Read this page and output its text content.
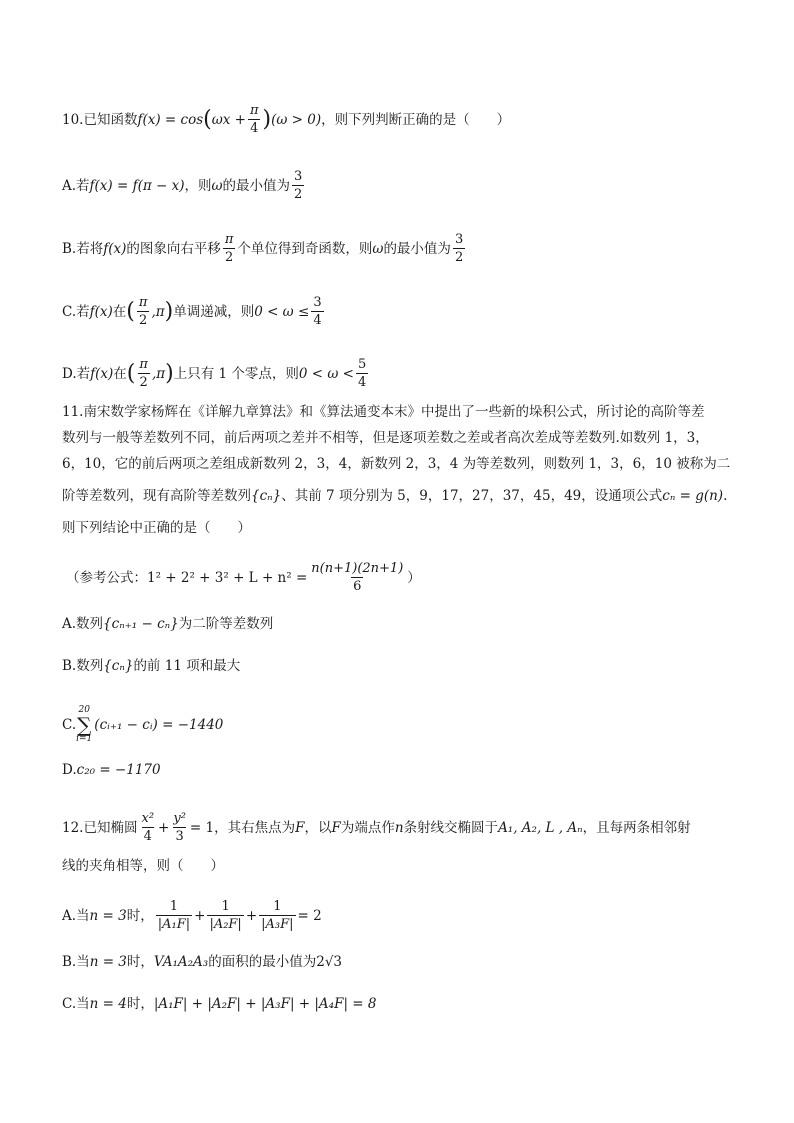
10.已知函数 f(x) = cos ( $\omega x + \frac{\pi}{4}$ ) (ω > 0) ，则下列判断正确的是（　　）
A.若 f(x) = f(π − x) ，则 ω 的最小值为 $\frac{3}{2}$
B.若将 f(x) 的图象向右平移 $\frac{\pi}{2}$ 个单位得到奇函数，则 ω 的最小值为 $\frac{3}{2}$
C.若 f(x) 在 ( $\frac{\pi}{2} ,\pi$ ) 单调递减，则 $0 < \omega \le \frac{3}{4}$
D.若 f(x) 在 ( $\frac{\pi}{2} ,\pi$ ) 上只有 1 个零点，则 $0 < \omega < \frac{5}{4}$
11.南宋数学家杨辉在《详解九章算法》和《算法通变本末》中提出了一些新的垛积公式，所讨论的高阶等差
数列与一般等差数列不同，前后两项之差并不相等，但是逐项差数之差或者高次差成等差数列.如数列 1，3，
6，10，它的前后两项之差组成新数列 2，3，4，新数列 2，3，4 为等差数列，则数列 1，3，6，10 被称为二
阶等差数列，现有高阶等差数列 {cₙ} 、其前 7 项分别为 5，9，17，27，37，45，49，设通项公式 cₙ = g(n) .
则下列结论中正确的是（　　）
（参考公式： $1^2 + 2^2 + 3^2 + L + n^2 = \frac{n(n+1)(2n+1)}{6}$ ）
A.数列 {cₙ₊₁ − cₙ} 为二阶等差数列
B.数列 {cₙ} 的前 11 项和最大
C.
20
∑
i=1
(cᵢ₊₁ − cᵢ) = −1440
D. c₂₀ = −1170
12.已知椭圆 $\frac{\text{x²}}{4} + \frac{\text{y²}}{3} = 1$ ，其右焦点为 F ，以 F 为端点作 n 条射线交椭圆于 A₁, A₂, L , Aₙ ，且每两条相邻射
线的夹角相等，则（　　）
A.当 n = 3 时， $\frac{1}{\text{|A₁F|}} + \frac{1}{\text{|A₂F|}} + \frac{1}{\text{|A₃F|}} = 2$
B.当 n = 3 时， VA₁A₂A₃ 的面积的最小值为 2√3
C.当 n = 4 时， |A₁F| + |A₂F| + |A₃F| + |A₄F| = 8
